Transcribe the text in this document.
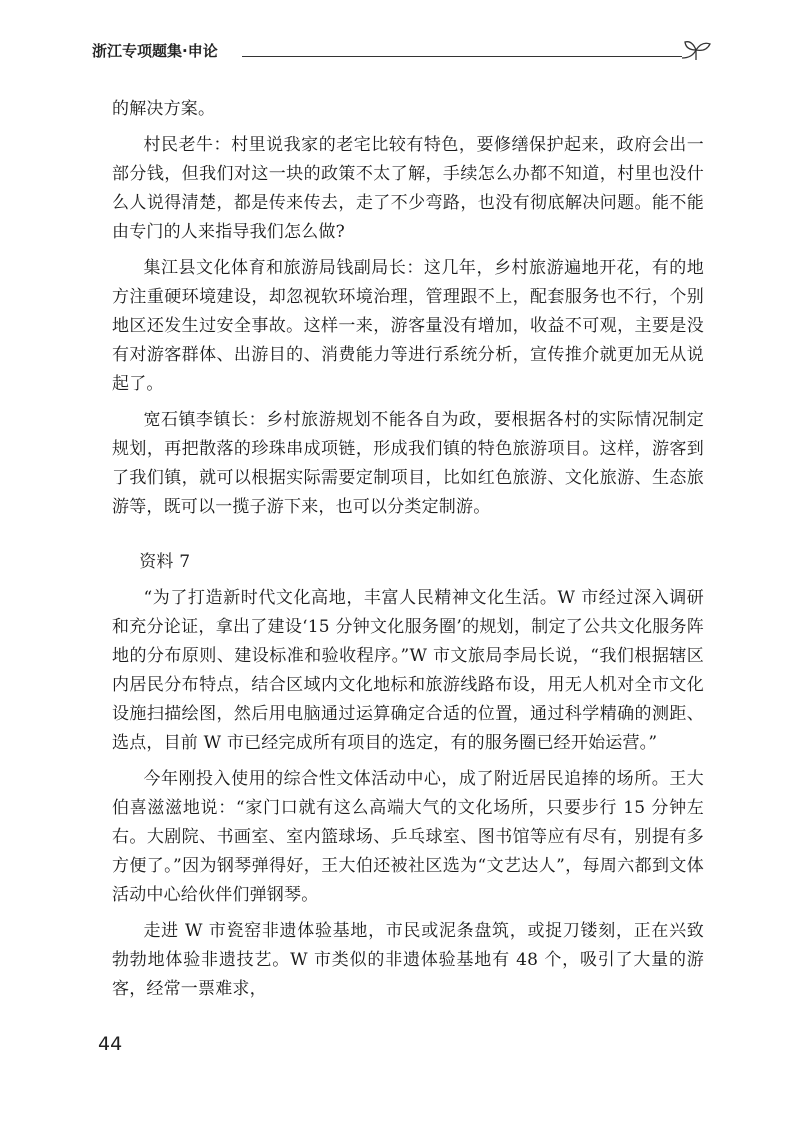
浙江专项题集·申论

的解决方案。

村民老牛：村里说我家的老宅比较有特色，要修缮保护起来，政府会出一部分钱，但我们对这一块的政策不太了解，手续怎么办都不知道，村里也没什么人说得清楚，都是传来传去，走了不少弯路，也没有彻底解决问题。能不能由专门的人来指导我们怎么做?

集江县文化体育和旅游局钱副局长：这几年，乡村旅游遍地开花，有的地方注重硬环境建设，却忽视软环境治理，管理跟不上，配套服务也不行，个别地区还发生过安全事故。这样一来，游客量没有增加，收益不可观，主要是没有对游客群体、出游目的、消费能力等进行系统分析，宣传推介就更加无从说起了。

宽石镇李镇长：乡村旅游规划不能各自为政，要根据各村的实际情况制定规划，再把散落的珍珠串成项链，形成我们镇的特色旅游项目。这样，游客到了我们镇，就可以根据实际需要定制项目，比如红色旅游、文化旅游、生态旅游等，既可以一揽子游下来，也可以分类定制游。

资料 7

“为了打造新时代文化高地，丰富人民精神文化生活。W 市经过深入调研和充分论证，拿出了建设‘15 分钟文化服务圈’的规划，制定了公共文化服务阵地的分布原则、建设标准和验收程序。”W 市文旅局李局长说，“我们根据辖区内居民分布特点，结合区域内文化地标和旅游线路布设，用无人机对全市文化设施扫描绘图，然后用电脑通过运算确定合适的位置，通过科学精确的测距、选点，目前 W 市已经完成所有项目的选定，有的服务圈已经开始运营。”

今年刚投入使用的综合性文体活动中心，成了附近居民追捧的场所。王大伯喜滋滋地说：“家门口就有这么高端大气的文化场所，只要步行 15 分钟左右。大剧院、书画室、室内篮球场、乒乓球室、图书馆等应有尽有，别提有多方便了。”因为钢琴弹得好，王大伯还被社区选为“文艺达人”，每周六都到文体活动中心给伙伴们弹钢琴。

走进 W 市瓷窑非遗体验基地，市民或泥条盘筑，或捉刀镂刻，正在兴致勃勃地体验非遗技艺。W 市类似的非遗体验基地有 48 个，吸引了大量的游客，经常一票难求，

44
